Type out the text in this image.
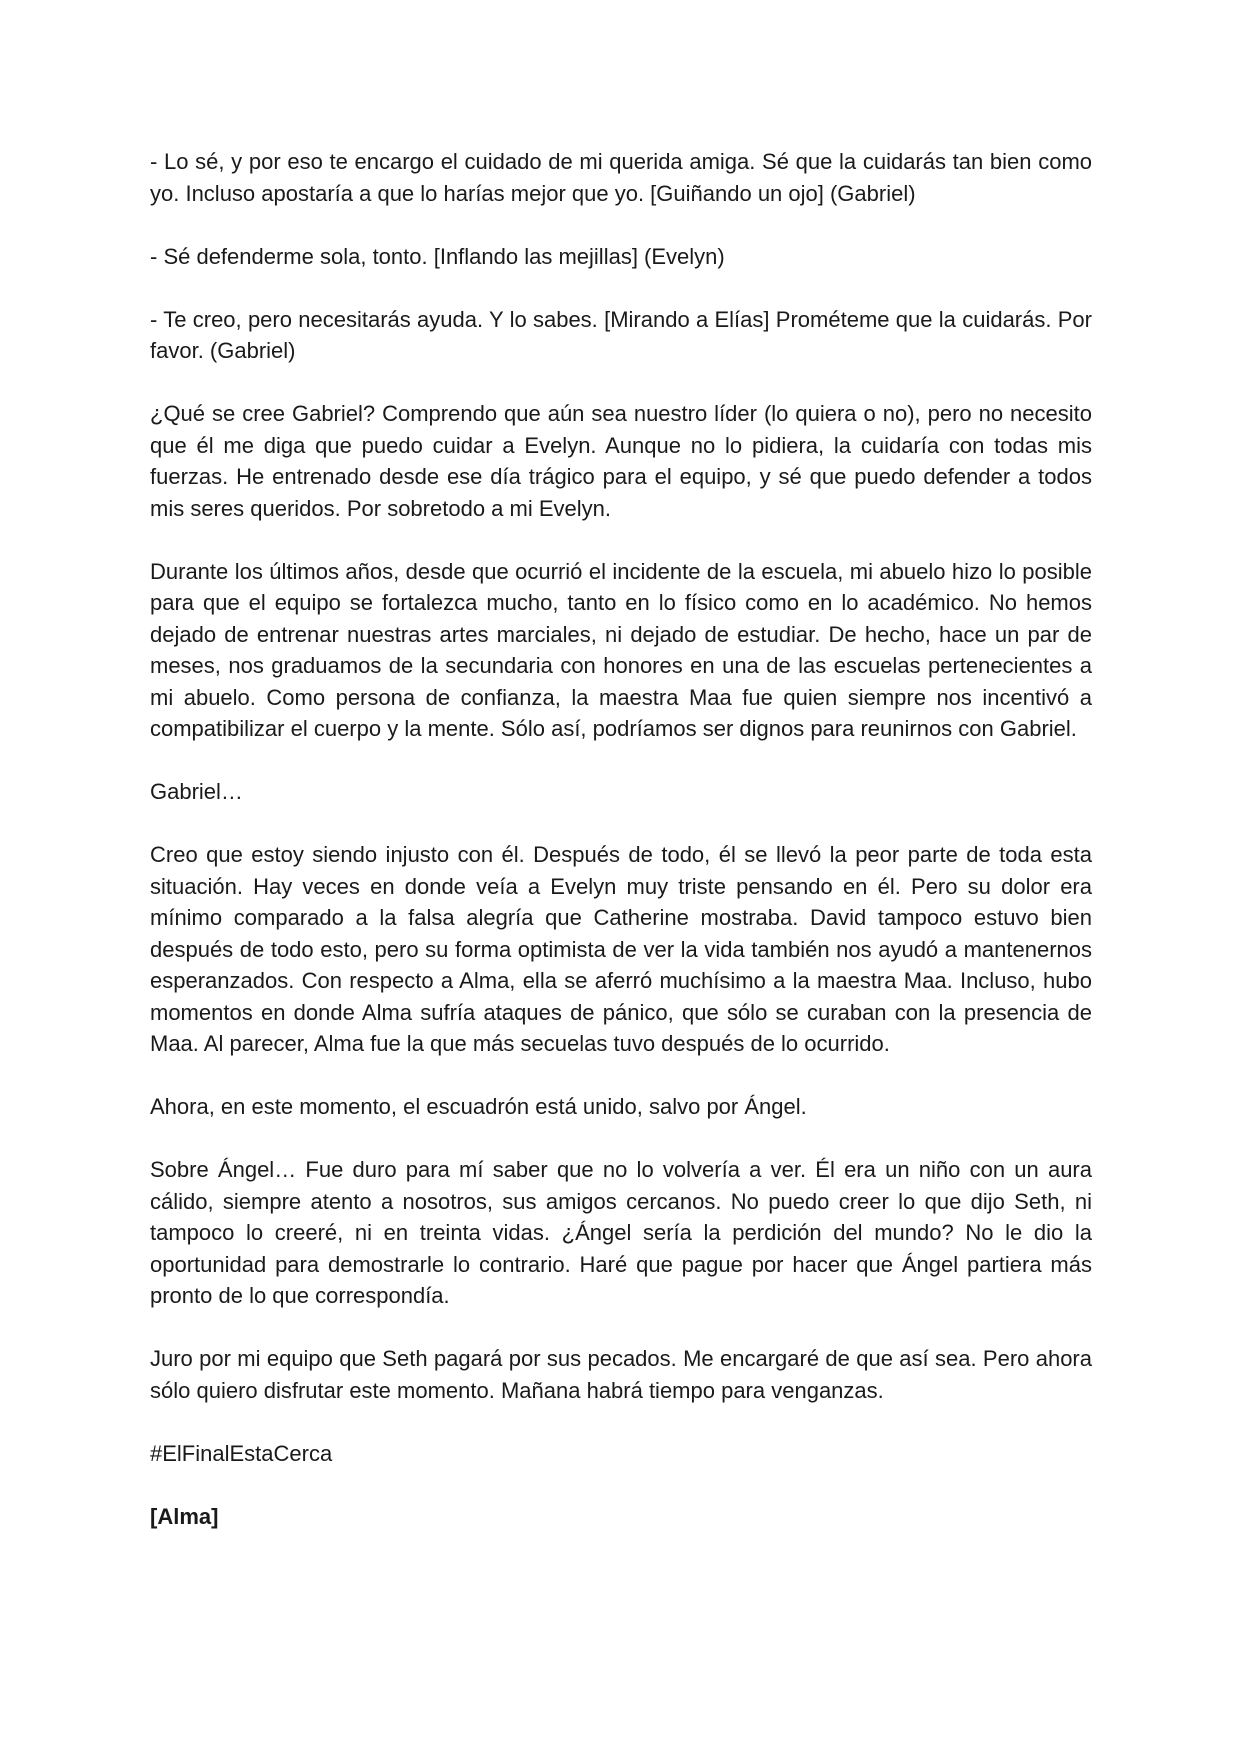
- Lo sé, y por eso te encargo el cuidado de mi querida amiga. Sé que la cuidarás tan bien como yo. Incluso apostaría a que lo harías mejor que yo. [Guiñando un ojo] (Gabriel)

- Sé defenderme sola, tonto. [Inflando las mejillas] (Evelyn)

- Te creo, pero necesitarás ayuda. Y lo sabes. [Mirando a Elías] Prométeme que la cuidarás. Por favor. (Gabriel)

¿Qué se cree Gabriel? Comprendo que aún sea nuestro líder (lo quiera o no), pero no necesito que él me diga que puedo cuidar a Evelyn. Aunque no lo pidiera, la cuidaría con todas mis fuerzas. He entrenado desde ese día trágico para el equipo, y sé que puedo defender a todos mis seres queridos. Por sobretodo a mi Evelyn.

Durante los últimos años, desde que ocurrió el incidente de la escuela, mi abuelo hizo lo posible para que el equipo se fortalezca mucho, tanto en lo físico como en lo académico. No hemos dejado de entrenar nuestras artes marciales, ni dejado de estudiar. De hecho, hace un par de meses, nos graduamos de la secundaria con honores en una de las escuelas pertenecientes a mi abuelo. Como persona de confianza, la maestra Maa fue quien siempre nos incentivó a compatibilizar el cuerpo y la mente. Sólo así, podríamos ser dignos para reunirnos con Gabriel.

Gabriel…

Creo que estoy siendo injusto con él. Después de todo, él se llevó la peor parte de toda esta situación. Hay veces en donde veía a Evelyn muy triste pensando en él. Pero su dolor era mínimo comparado a la falsa alegría que Catherine mostraba. David tampoco estuvo bien después de todo esto, pero su forma optimista de ver la vida también nos ayudó a mantenernos esperanzados. Con respecto a Alma, ella se aferró muchísimo a la maestra Maa. Incluso, hubo momentos en donde Alma sufría ataques de pánico, que sólo se curaban con la presencia de Maa. Al parecer, Alma fue la que más secuelas tuvo después de lo ocurrido.

Ahora, en este momento, el escuadrón está unido, salvo por Ángel.

Sobre Ángel… Fue duro para mí saber que no lo volvería a ver. Él era un niño con un aura cálido, siempre atento a nosotros, sus amigos cercanos. No puedo creer lo que dijo Seth, ni tampoco lo creeré, ni en treinta vidas. ¿Ángel sería la perdición del mundo? No le dio la oportunidad para demostrarle lo contrario. Haré que pague por hacer que Ángel partiera más pronto de lo que correspondía.

Juro por mi equipo que Seth pagará por sus pecados. Me encargaré de que así sea. Pero ahora sólo quiero disfrutar este momento. Mañana habrá tiempo para venganzas.

#ElFinalEstaCerca

[Alma]
